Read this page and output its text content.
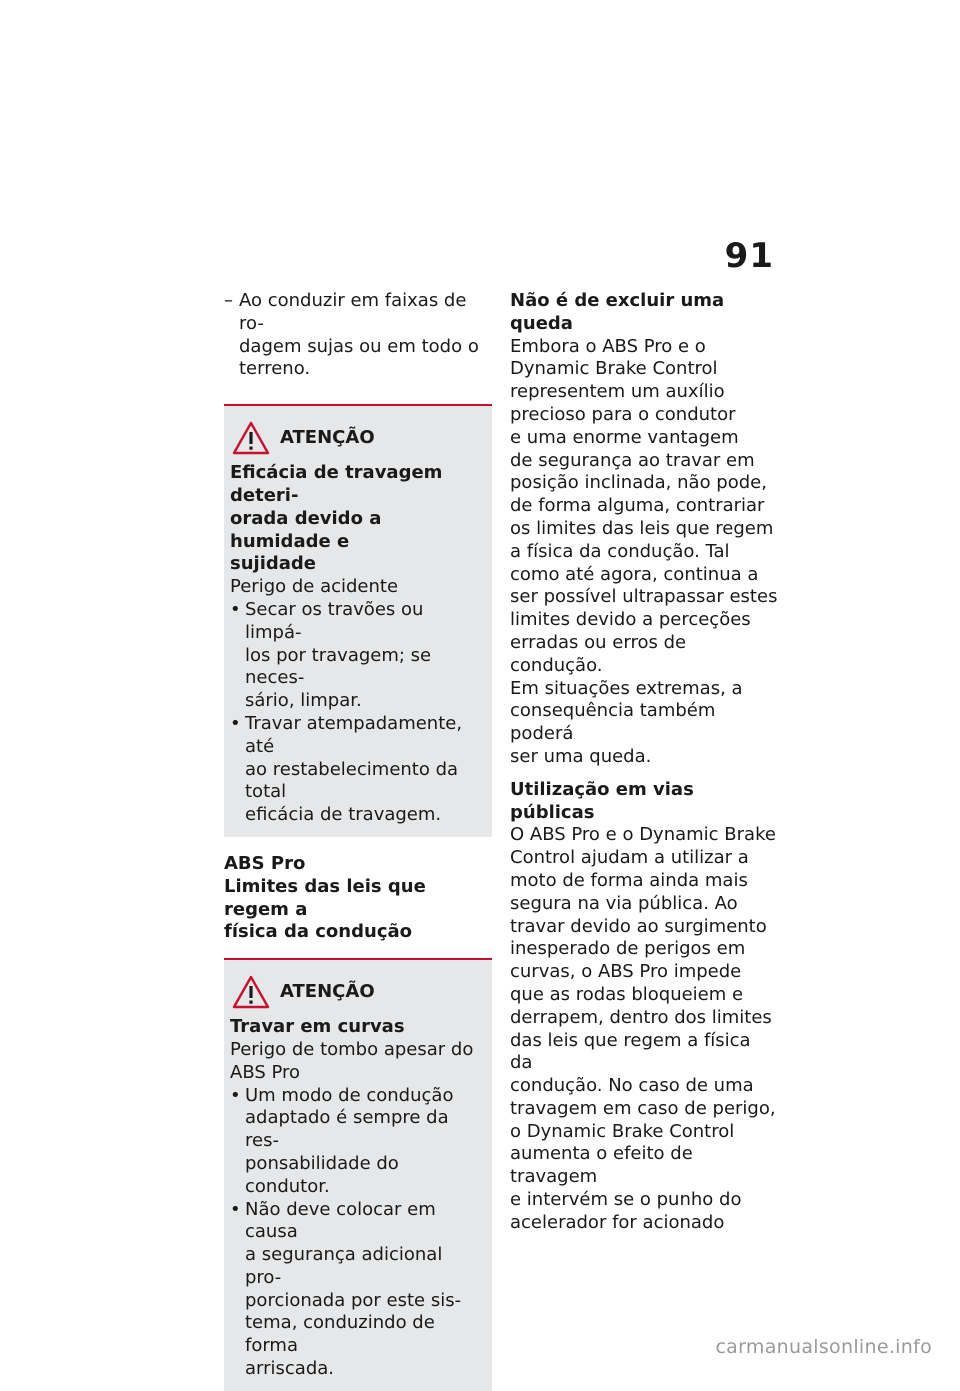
91
– Ao conduzir em faixas de ro-
dagem sujas ou em todo o
terreno.
ATENÇÃO
Eficácia de travagem deteri-
orada devido a humidade e
sujidade
Perigo de acidente
• Secar os travões ou limpá-
los por travagem; se neces-
sário, limpar.
• Travar atempadamente, até
ao restabelecimento da total
eficácia de travagem.
ABS Pro
Limites das leis que regem a
física da condução
ATENÇÃO
Travar em curvas
Perigo de tombo apesar do
ABS Pro
• Um modo de condução
adaptado é sempre da res-
ponsabilidade do condutor.
• Não deve colocar em causa
a segurança adicional pro-
porcionada por este sis-
tema, conduzindo de forma
arriscada.
Não é de excluir uma queda
Embora o ABS Pro e o
Dynamic Brake Control
representem um auxílio
precioso para o condutor
e uma enorme vantagem
de segurança ao travar em
posição inclinada, não pode,
de forma alguma, contrariar
os limites das leis que regem
a física da condução. Tal
como até agora, continua a
ser possível ultrapassar estes
limites devido a perceções
erradas ou erros de condução.
Em situações extremas, a
consequência também poderá
ser uma queda.
Utilização em vias públicas
O ABS Pro e o Dynamic Brake
Control ajudam a utilizar a
moto de forma ainda mais
segura na via pública. Ao
travar devido ao surgimento
inesperado de perigos em
curvas, o ABS Pro impede
que as rodas bloqueiem e
derrapem, dentro dos limites
das leis que regem a física da
condução. No caso de uma
travagem em caso de perigo,
o Dynamic Brake Control
aumenta o efeito de travagem
e intervém se o punho do
acelerador for acionado
carmanualsonline.info
